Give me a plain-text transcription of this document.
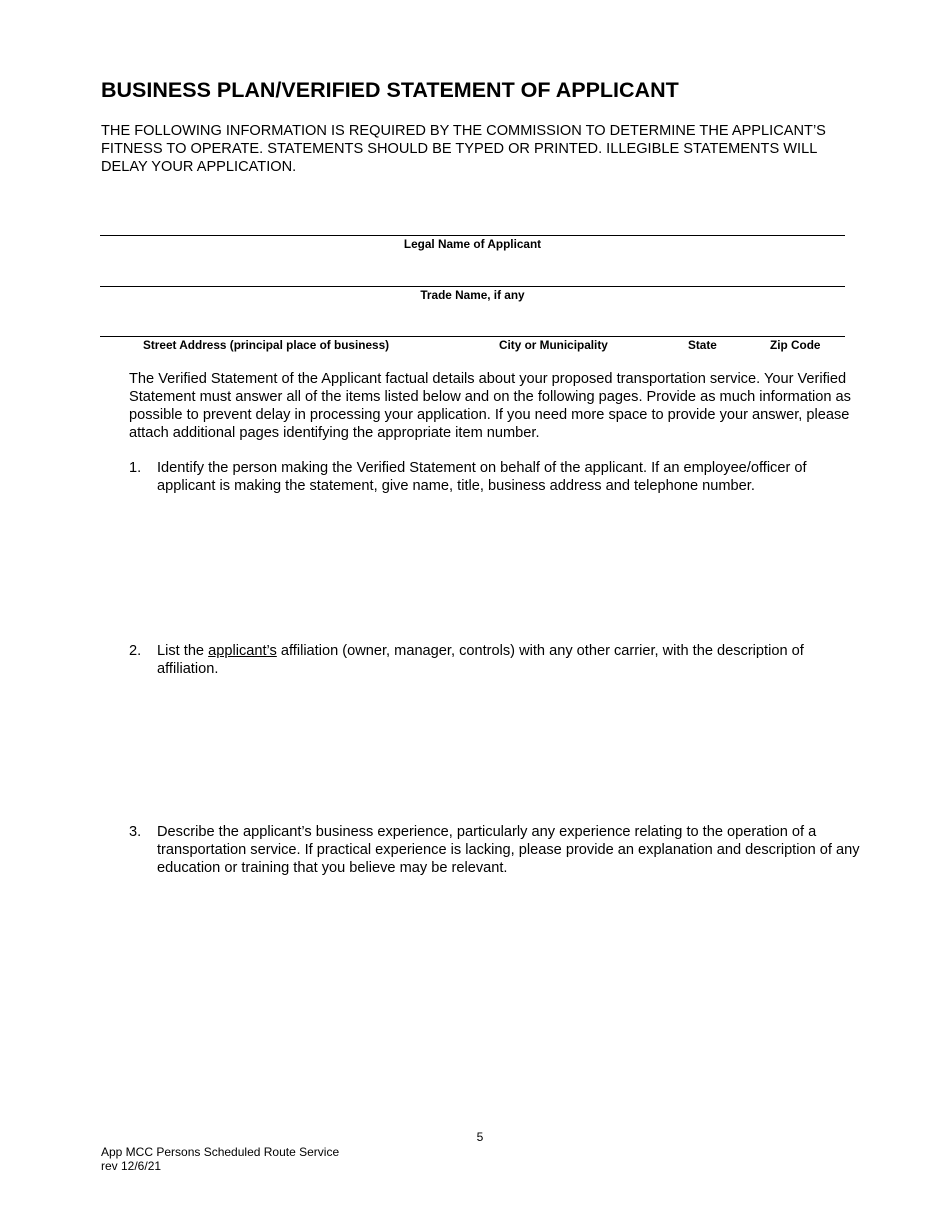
BUSINESS PLAN/VERIFIED STATEMENT OF APPLICANT

THE FOLLOWING INFORMATION IS REQUIRED BY THE COMMISSION TO DETERMINE THE APPLICANT’S FITNESS TO OPERATE. STATEMENTS SHOULD BE TYPED OR PRINTED. ILLEGIBLE STATEMENTS WILL DELAY YOUR APPLICATION.

Legal Name of Applicant
Trade Name, if any
Street Address (principal place of business)	City or Municipality	State	Zip Code

The Verified Statement of the Applicant factual details about your proposed transportation service. Your Verified Statement must answer all of the items listed below and on the following pages. Provide as much information as possible to prevent delay in processing your application. If you need more space to provide your answer, please attach additional pages identifying the appropriate item number.

1. Identify the person making the Verified Statement on behalf of the applicant. If an employee/officer of applicant is making the statement, give name, title, business address and telephone number.
2. List the applicant’s affiliation (owner, manager, controls) with any other carrier, with the description of affiliation.
3. Describe the applicant’s business experience, particularly any experience relating to the operation of a transportation service. If practical experience is lacking, please provide an explanation and description of any education or training that you believe may be relevant.
5
App MCC Persons Scheduled Route Service
rev 12/6/21
